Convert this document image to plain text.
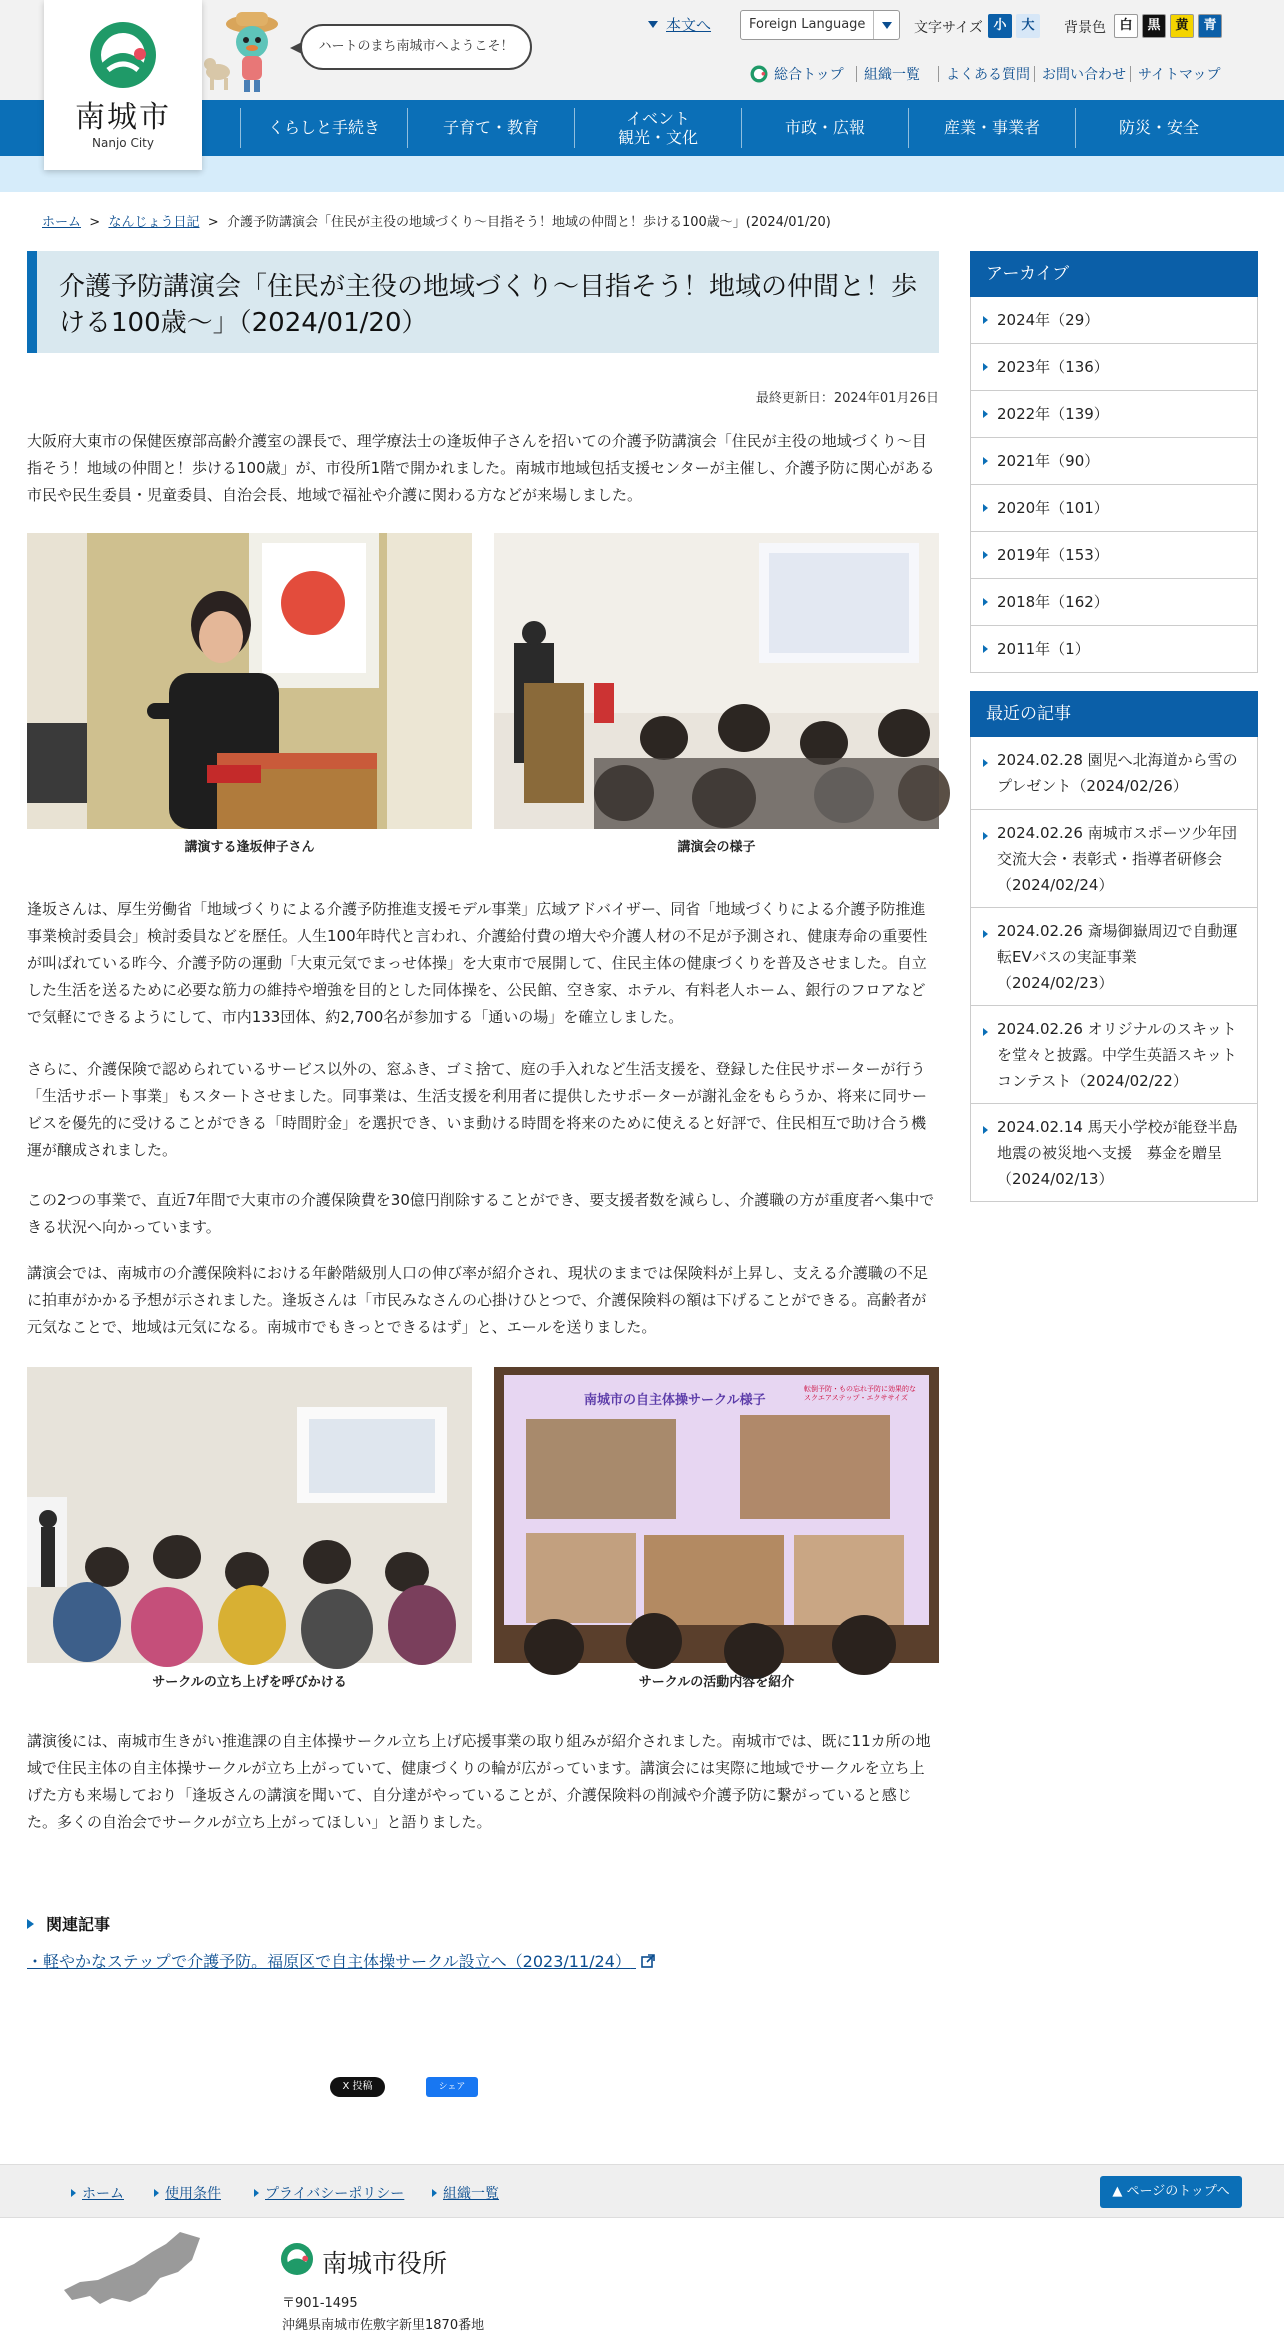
南城市
Nanjo City
ハートのまち南城市へようこそ！
本文へ	Foreign Language	文字サイズ 小	大	背景色	白	黒	黄	青
総合トップ 組織一覧 よくある質問 お問い合わせ サイトマップ
くらしと手続き	子育て・教育
イベント
観光・文化
市政・広報	産業・事業者	防災・安全
ホーム  >  なんじょう日記  >  介護予防講演会「住民が主役の地域づくり〜目指そう！地域の仲間と！歩ける100歳〜」(2024/01/20)
介護予防講演会「住民が主役の地域づくり〜目指そう！地域の仲間と！歩ける100歳〜」（2024/01/20）
最終更新日：2024年01月26日
大阪府大東市の保健医療部高齢介護室の課長で、理学療法士の逢坂伸子さんを招いての介護予防講演会「住民が主役の地域づくり〜目指そう！地域の仲間と！歩ける100歳」が、市役所1階で開かれました。南城市地域包括支援センターが主催し、介護予防に関心がある市民や民生委員・児童委員、自治会長、地域で福祉や介護に関わる方などが来場しました。
講演する逢坂伸子さん	講演会の様子
逢坂さんは、厚生労働省「地域づくりによる介護予防推進支援モデル事業」広域アドバイザー、同省「地域づくりによる介護予防推進事業検討委員会」検討委員などを歴任。人生100年時代と言われ、介護給付費の増大や介護人材の不足が予測され、健康寿命の重要性が叫ばれている昨今、介護予防の運動「大東元気でまっせ体操」を大東市で展開して、住民主体の健康づくりを普及させました。自立した生活を送るために必要な筋力の維持や増強を目的とした同体操を、公民館、空き家、ホテル、有料老人ホーム、銀行のフロアなどで気軽にできるようにして、市内133団体、約2,700名が参加する「通いの場」を確立しました。
さらに、介護保険で認められているサービス以外の、窓ふき、ゴミ捨て、庭の手入れなど生活支援を、登録した住民サポーターが行う「生活サポート事業」もスタートさせました。同事業は、生活支援を利用者に提供したサポーターが謝礼金をもらうか、将来に同サービスを優先的に受けることができる「時間貯金」を選択でき、いま動ける時間を将来のために使えると好評で、住民相互で助け合う機運が醸成されました。
この2つの事業で、直近7年間で大東市の介護保険費を30億円削除することができ、要支援者数を減らし、介護職の方が重度者へ集中できる状況へ向かっています。
講演会では、南城市の介護保険料における年齢階級別人口の伸び率が紹介され、現状のままでは保険料が上昇し、支える介護職の不足に拍車がかかる予想が示されました。逢坂さんは「市民みなさんの心掛けひとつで、介護保険料の額は下げることができる。高齢者が元気なことで、地域は元気になる。南城市でもきっとできるはず」と、エールを送りました。
サークルの立ち上げを呼びかける
南城市の自主体操サークル様子
転倒予防・もの忘れ予防に効果的な スクエアステップ・エクササイズ
サークルの活動内容を紹介
講演後には、南城市生きがい推進課の自主体操サークル立ち上げ応援事業の取り組みが紹介されました。南城市では、既に11カ所の地域で住民主体の自主体操サークルが立ち上がっていて、健康づくりの輪が広がっています。講演会には実際に地域でサークルを立ち上げた方も来場しており「逢坂さんの講演を聞いて、自分達がやっていることが、介護保険料の削減や介護予防に繋がっていると感じた。多くの自治会でサークルが立ち上がってほしい」と語りました。
関連記事
・軽やかなステップで介護予防。福原区で自主体操サークル設立へ（2023/11/24）
X 投稿	シェア
アーカイブ
2024年（29）
2023年（136）
2022年（139）
2021年（90）
2020年（101）
2019年（153）
2018年（162）
2011年（1）
最近の記事
2024.02.28 園児へ北海道から雪のプレゼント（2024/02/26）
2024.02.26 南城市スポーツ少年団交流大会・表彰式・指導者研修会（2024/02/24）
2024.02.26 斎場御嶽周辺で自動運転EVバスの実証事業（2024/02/23）
2024.02.26 オリジナルのスキットを堂々と披露。中学生英語スキットコンテスト（2024/02/22）
2024.02.14 馬天小学校が能登半島地震の被災地へ支援　募金を贈呈（2024/02/13）
ホーム	使用条件	プライバシーポリシー	組織一覧	▲ ページのトップへ
南城市役所
〒901-1495
沖縄県南城市佐敷字新里1870番地
